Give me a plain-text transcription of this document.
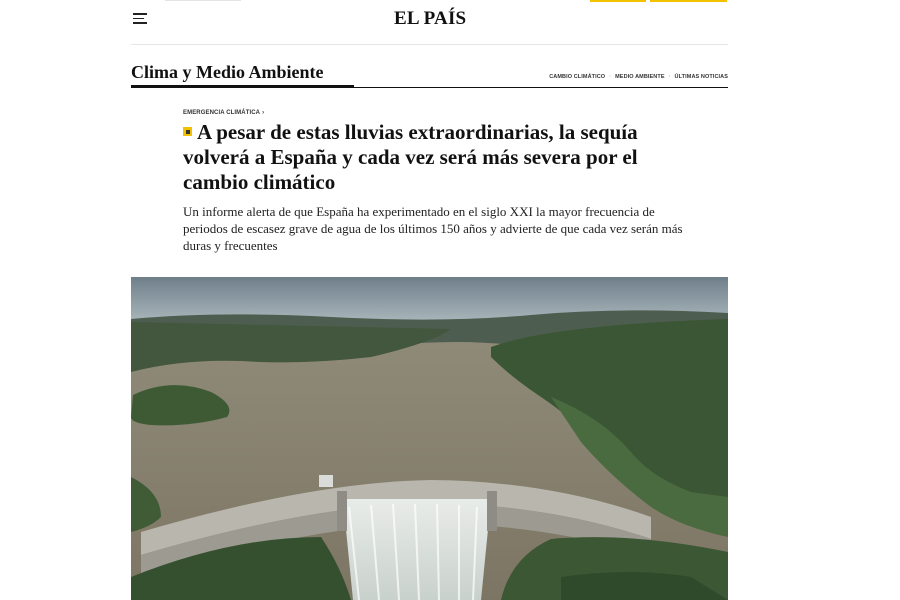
EL PAÍS
Clima y Medio Ambiente	CAMBIO CLIMÁTICO · MEDIO AMBIENTE · ÚLTIMAS NOTICIAS
EMERGENCIA CLIMÁTICA ›
A pesar de estas lluvias extraordinarias, la sequía volverá a España y cada vez será más severa por el cambio climático

Un informe alerta de que España ha experimentado en el siglo XXI la mayor frecuencia de periodos de escasez grave de agua de los últimos 150 años y advierte de que cada vez serán más duras y frecuentes
